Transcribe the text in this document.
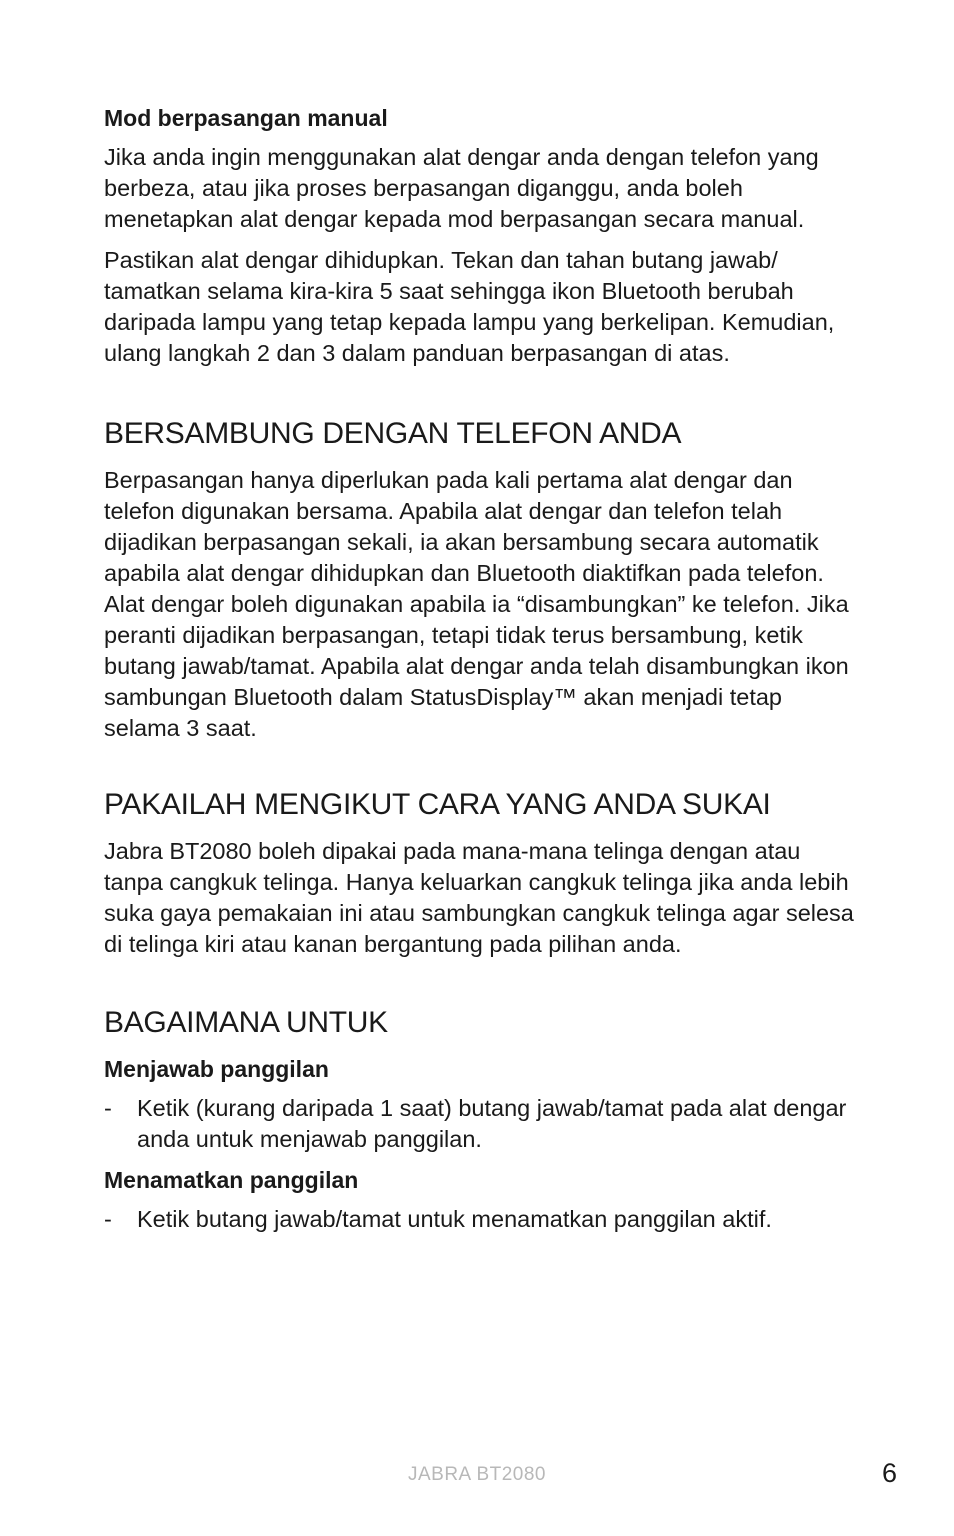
Mod berpasangan manual

Jika anda ingin menggunakan alat dengar anda dengan telefon yang berbeza, atau jika proses berpasangan diganggu, anda boleh menetapkan alat dengar kepada mod berpasangan secara manual.

Pastikan alat dengar dihidupkan. Tekan dan tahan butang jawab/ tamatkan selama kira-kira 5 saat sehingga ikon Bluetooth berubah daripada lampu yang tetap kepada lampu yang berkelipan. Kemudian, ulang langkah 2 dan 3 dalam panduan berpasangan di atas.

BERSAMBUNG DENGAN TELEFON ANDA

Berpasangan hanya diperlukan pada kali pertama alat dengar dan telefon digunakan bersama. Apabila alat dengar dan telefon telah dijadikan berpasangan sekali, ia akan bersambung secara automatik apabila alat dengar dihidupkan dan Bluetooth diaktifkan pada telefon. Alat dengar boleh digunakan apabila ia “disambungkan” ke telefon. Jika peranti dijadikan berpasangan, tetapi tidak terus bersambung, ketik butang jawab/tamat. Apabila alat dengar anda telah disambungkan ikon sambungan Bluetooth dalam StatusDisplay™ akan menjadi tetap selama 3 saat.

PAKAILAH MENGIKUT CARA YANG ANDA SUKAI

Jabra BT2080 boleh dipakai pada mana-mana telinga dengan atau tanpa cangkuk telinga. Hanya keluarkan cangkuk telinga jika anda lebih suka gaya pemakaian ini atau sambungkan cangkuk telinga agar selesa di telinga kiri atau kanan bergantung pada pilihan anda.

BAGAIMANA UNTUK
Menjawab panggilan
- Ketik (kurang daripada 1 saat) butang jawab/tamat pada alat dengar anda untuk menjawab panggilan.
Menamatkan panggilan
- Ketik butang jawab/tamat untuk menamatkan panggilan aktif.
JABRA BT2080	6
